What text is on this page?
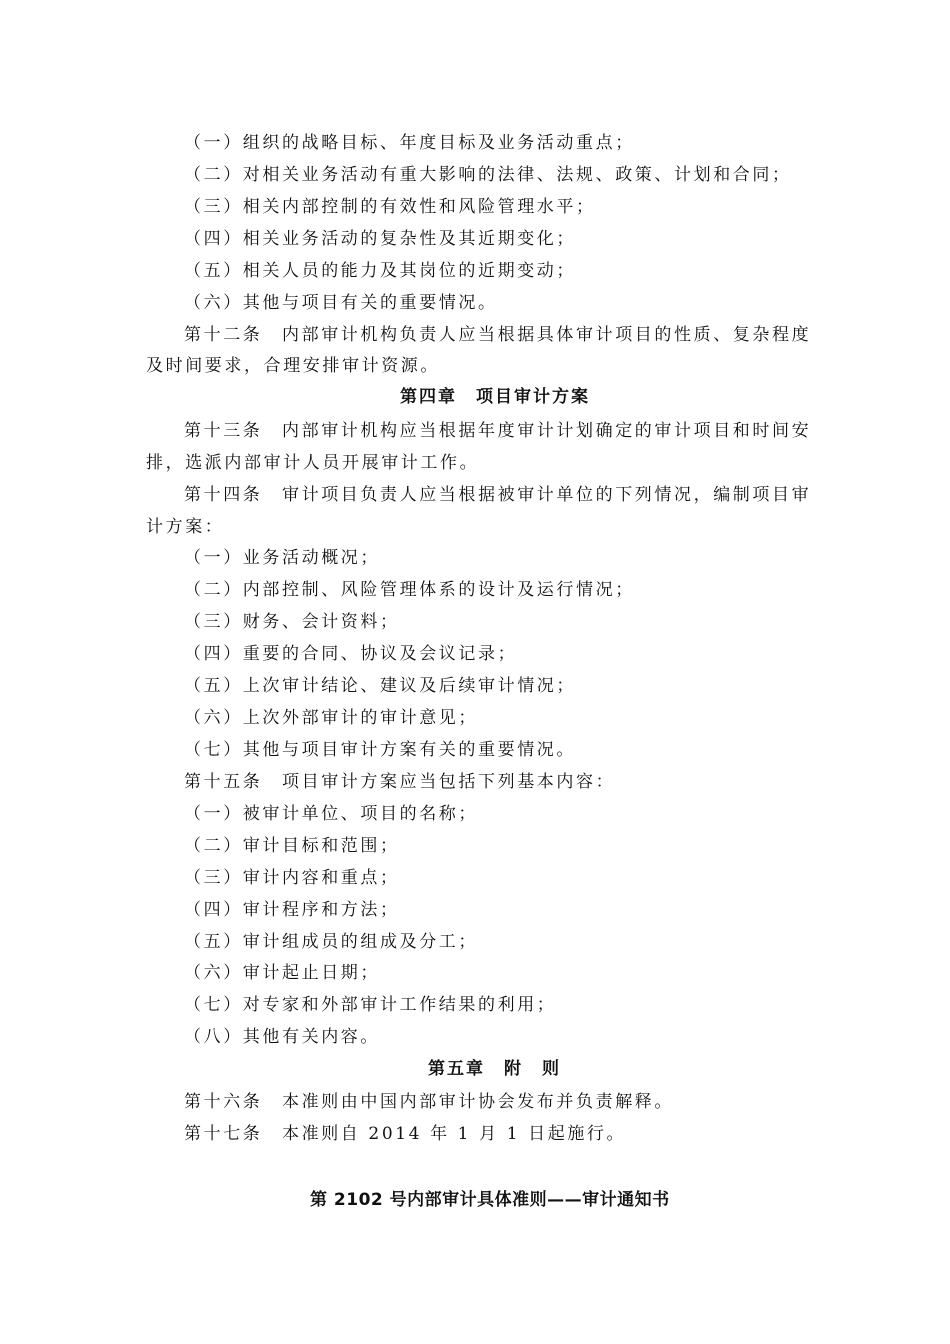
（一）组织的战略目标、年度目标及业务活动重点；
（二）对相关业务活动有重大影响的法律、法规、政策、计划和合同；
（三）相关内部控制的有效性和风险管理水平；
（四）相关业务活动的复杂性及其近期变化；
（五）相关人员的能力及其岗位的近期变动；
（六）其他与项目有关的重要情况。
第十二条　内部审计机构负责人应当根据具体审计项目的性质、复杂程度
及时间要求，合理安排审计资源。
第四章　项目审计方案
第十三条　内部审计机构应当根据年度审计计划确定的审计项目和时间安
排，选派内部审计人员开展审计工作。
第十四条　审计项目负责人应当根据被审计单位的下列情况，编制项目审
计方案：
（一）业务活动概况；
（二）内部控制、风险管理体系的设计及运行情况；
（三）财务、会计资料；
（四）重要的合同、协议及会议记录；
（五）上次审计结论、建议及后续审计情况；
（六）上次外部审计的审计意见；
（七）其他与项目审计方案有关的重要情况。
第十五条　项目审计方案应当包括下列基本内容：
（一）被审计单位、项目的名称；
（二）审计目标和范围；
（三）审计内容和重点；
（四）审计程序和方法；
（五）审计组成员的组成及分工；
（六）审计起止日期；
（七）对专家和外部审计工作结果的利用；
（八）其他有关内容。
第五章　附　则
第十六条　本准则由中国内部审计协会发布并负责解释。
第十七条　本准则自 2014 年 1 月 1 日起施行。
第 2102 号内部审计具体准则——审计通知书
